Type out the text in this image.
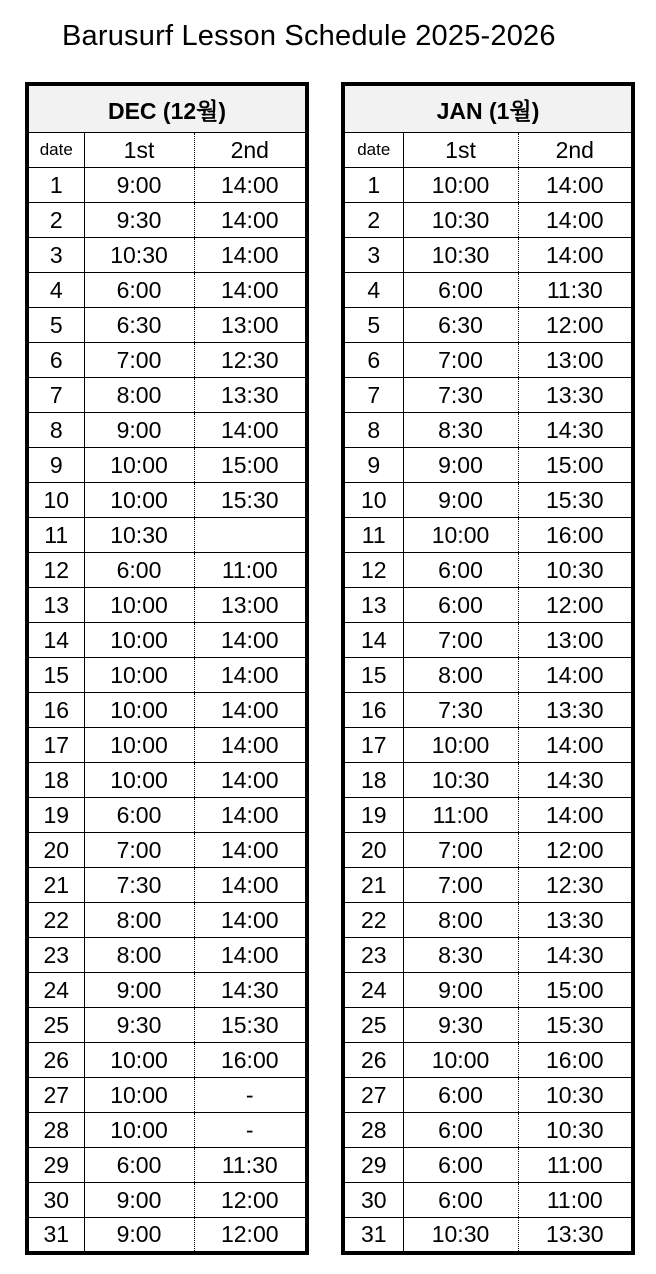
Barusurf Lesson Schedule 2025-2026
DEC (12월)		
date	1st	2nd
1	9:00	14:00
2	9:30	14:00
3	10:30	14:00
4	6:00	14:00
5	6:30	13:00
6	7:00	12:30
7	8:00	13:30
8	9:00	14:00
9	10:00	15:00
10	10:00	15:30
11	10:30	
12	6:00	11:00
13	10:00	13:00
14	10:00	14:00
15	10:00	14:00
16	10:00	14:00
17	10:00	14:00
18	10:00	14:00
19	6:00	14:00
20	7:00	14:00
21	7:30	14:00
22	8:00	14:00
23	8:00	14:00
24	9:00	14:30
25	9:30	15:30
26	10:00	16:00
27	10:00	-
28	10:00	-
29	6:00	11:30
30	9:00	12:00
31	9:00	12:00
JAN (1월)		
date	1st	2nd
1	10:00	14:00
2	10:30	14:00
3	10:30	14:00
4	6:00	11:30
5	6:30	12:00
6	7:00	13:00
7	7:30	13:30
8	8:30	14:30
9	9:00	15:00
10	9:00	15:30
11	10:00	16:00
12	6:00	10:30
13	6:00	12:00
14	7:00	13:00
15	8:00	14:00
16	7:30	13:30
17	10:00	14:00
18	10:30	14:30
19	11:00	14:00
20	7:00	12:00
21	7:00	12:30
22	8:00	13:30
23	8:30	14:30
24	9:00	15:00
25	9:30	15:30
26	10:00	16:00
27	6:00	10:30
28	6:00	10:30
29	6:00	11:00
30	6:00	11:00
31	10:30	13:30
